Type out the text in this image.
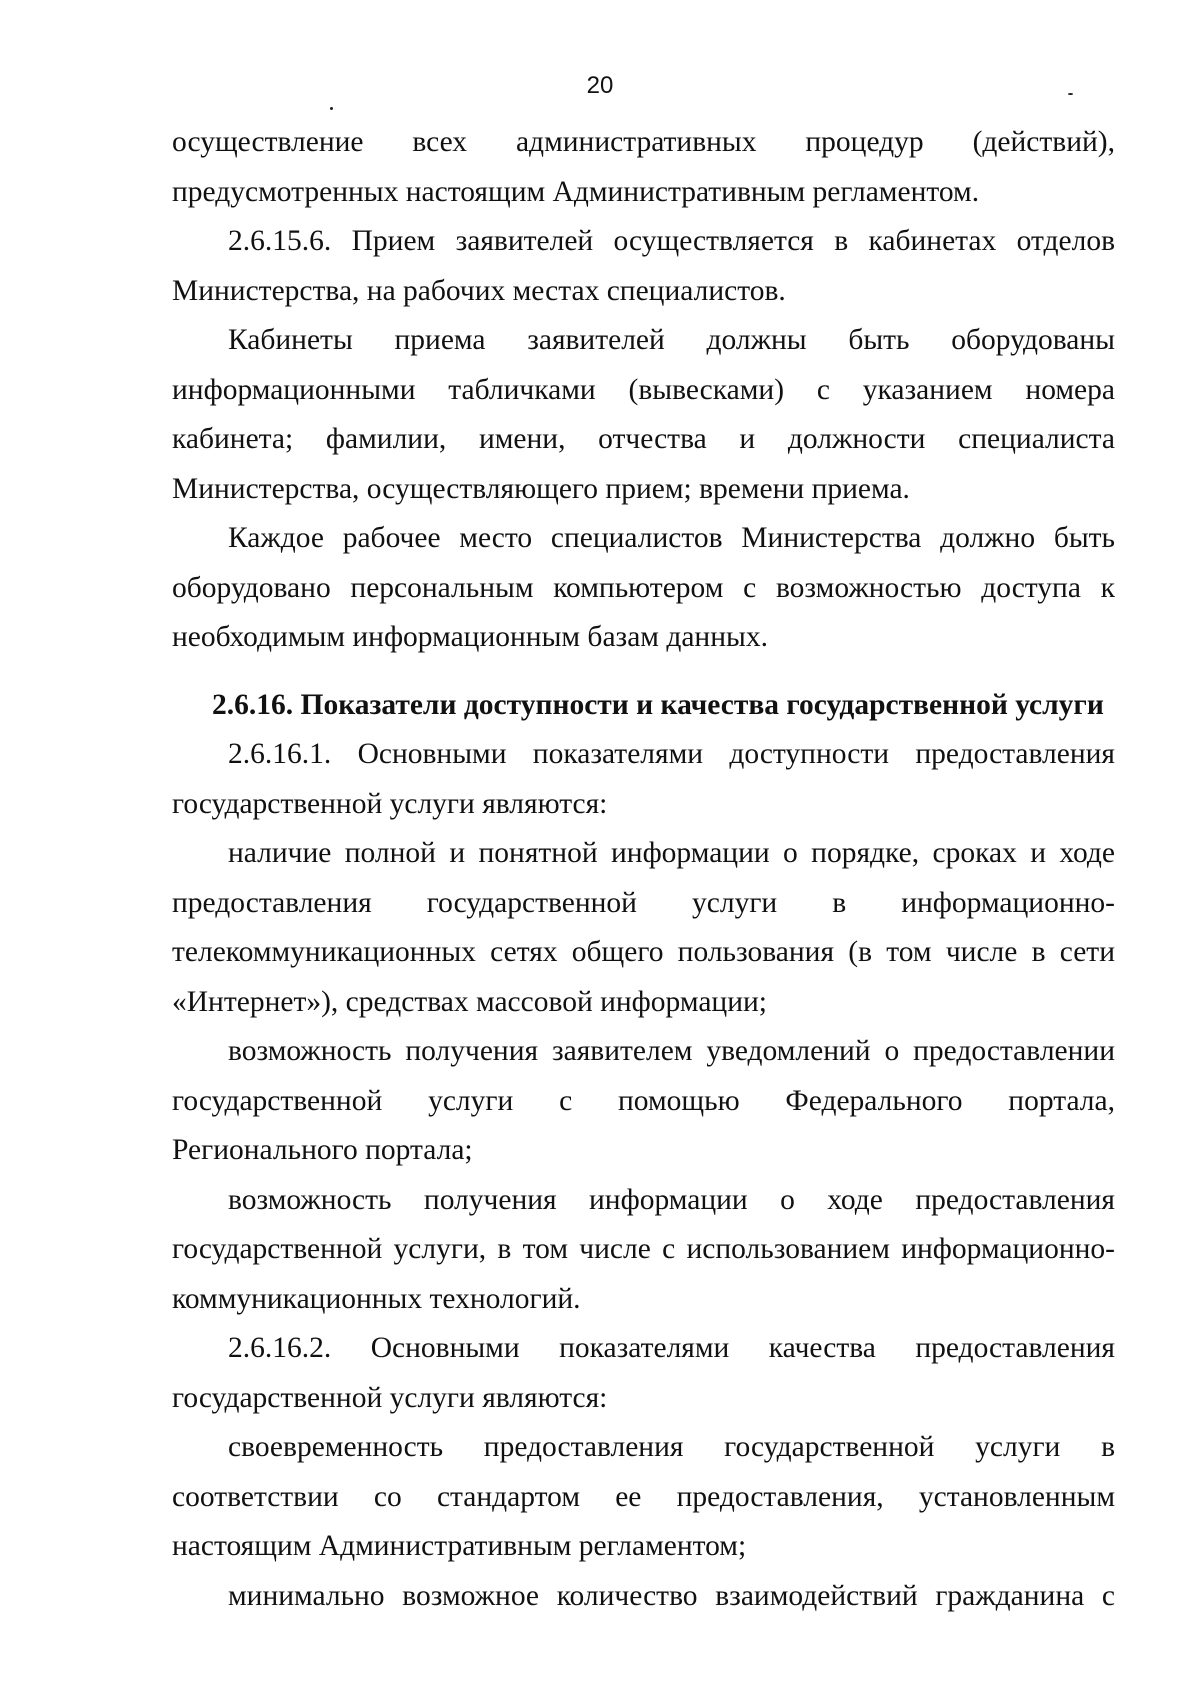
20

осуществление всех административных процедур (действий),

предусмотренных настоящим Административным регламентом.

2.6.15.6. Прием заявителей осуществляется в кабинетах отделов

Министерства, на рабочих местах специалистов.

Кабинеты приема заявителей должны быть оборудованы информационными табличками (вывесками) с указанием номера кабинета; фамилии, имени, отчества и должности специалиста Министерства, осуществляющего прием; времени приема.

Каждое рабочее место специалистов Министерства должно быть оборудовано персональным компьютером с возможностью доступа к необходимым информационным базам данных.

2.6.16. Показатели доступности и качества государственной услуги

2.6.16.1. Основными показателями доступности предоставления государственной услуги являются:

наличие полной и понятной информации о порядке, сроках и ходе предоставления государственной услуги в информационно-телекоммуникационных сетях общего пользования (в том числе в сети «Интернет»), средствах массовой информации;

возможность получения заявителем уведомлений о предоставлении государственной услуги с помощью Федерального портала, Регионального портала;

возможность получения информации о ходе предоставления государственной услуги, в том числе с использованием информационно-коммуникационных технологий.

2.6.16.2. Основными показателями качества предоставления государственной услуги являются:

своевременность предоставления государственной услуги в соответствии со стандартом ее предоставления, установленным настоящим Административным регламентом;

минимально возможное количество взаимодействий гражданина с
